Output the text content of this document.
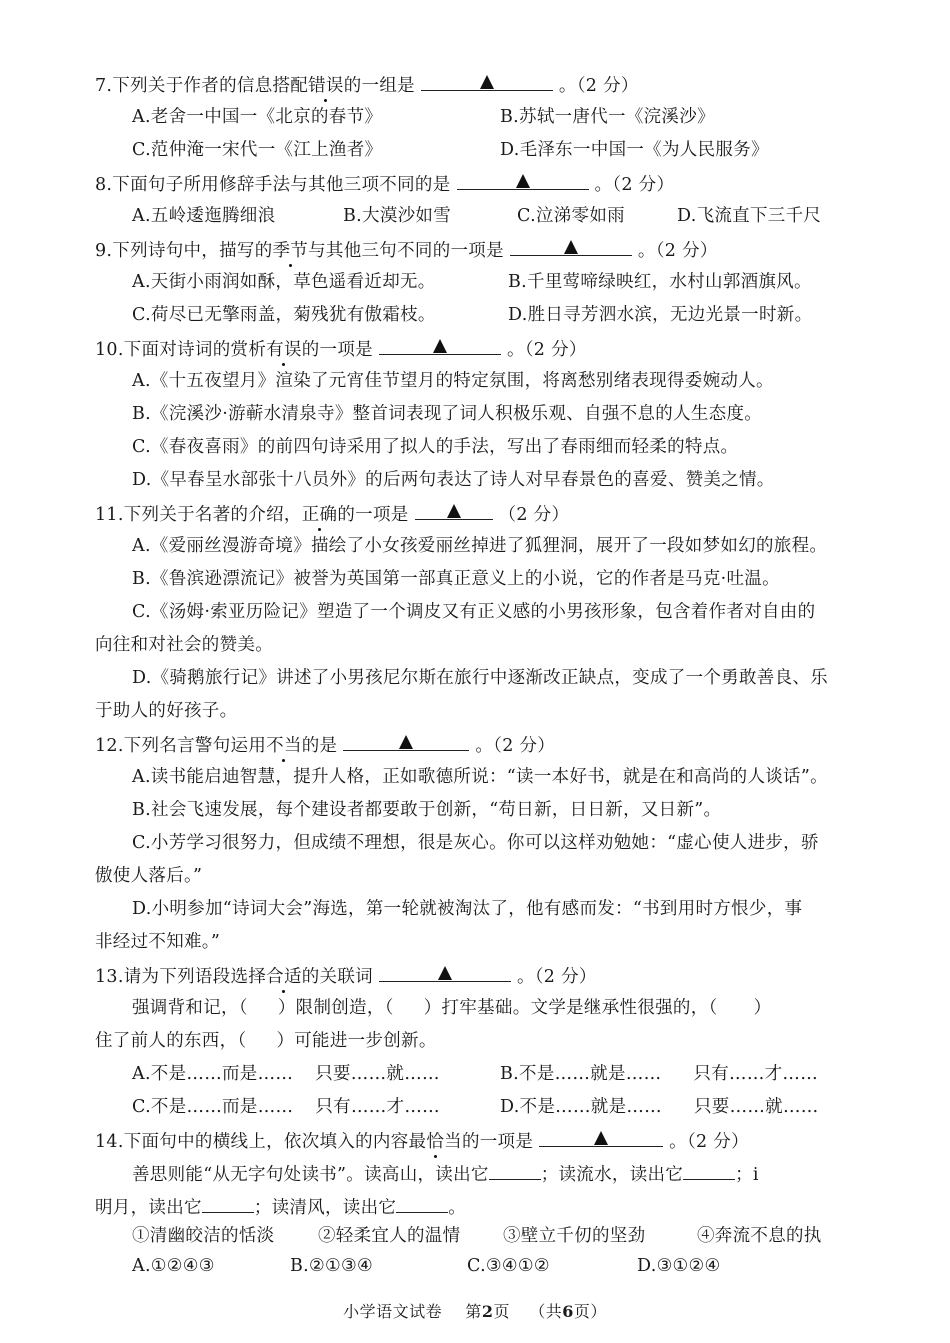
7.下列关于作者的信息搭配错误的一组是	。（2 分）
A.老舍一中国一《北京的春节》	B.苏轼一唐代一《浣溪沙》
C.范仲淹一宋代一《江上渔者》	D.毛泽东一中国一《为人民服务》
8.下面句子所用修辞手法与其他三项不同的是	。（2 分）
A.五岭逶迤腾细浪	B.大漠沙如雪	C.泣涕零如雨	D.飞流直下三千尺
9.下列诗句中，描写的季节与其他三句不同的一项是	。（2 分）
A.天街小雨润如酥，草色遥看近却无。	B.千里莺啼绿映红，水村山郭酒旗风。
C.荷尽已无擎雨盖，菊残犹有傲霜枝。	D.胜日寻芳泗水滨，无边光景一时新。
10.下面对诗词的赏析有误的一项是	。（2 分）
A.《十五夜望月》渲染了元宵佳节望月的特定氛围，将离愁别绪表现得委婉动人。
B.《浣溪沙·游蕲水清泉寺》整首词表现了词人积极乐观、自强不息的人生态度。
C.《春夜喜雨》的前四句诗采用了拟人的手法，写出了春雨细而轻柔的特点。
D.《早春呈水部张十八员外》的后两句表达了诗人对早春景色的喜爱、赞美之情。
11.下列关于名著的介绍，正确的一项是	（2 分）
A.《爱丽丝漫游奇境》描绘了小女孩爱丽丝掉进了狐狸洞，展开了一段如梦如幻的旅程。
B.《鲁滨逊漂流记》被誉为英国第一部真正意义上的小说，它的作者是马克·吐温。
C.《汤姆·索亚历险记》塑造了一个调皮又有正义感的小男孩形象，包含着作者对自由的
向往和对社会的赞美。
D.《骑鹅旅行记》讲述了小男孩尼尔斯在旅行中逐渐改正缺点，变成了一个勇敢善良、乐
于助人的好孩子。
12.下列名言警句运用不当的是	。（2 分）
A.读书能启迪智慧，提升人格，正如歌德所说：“读一本好书，就是在和高尚的人谈话”。
B.社会飞速发展，每个建设者都要敢于创新，“苟日新，日日新，又日新”。
C.小芳学习很努力，但成绩不理想，很是灰心。你可以这样劝勉她：“虚心使人进步，骄
傲使人落后。”
D.小明参加“诗词大会”海选，第一轮就被淘汰了，他有感而发：“书到用时方恨少，事
非经过不知难。”
13.请为下列语段选择合适的关联词	。（2 分）
强调背和记，（ ）限制创造，（ ）打牢基础。文学是继承性很强的，（ ）
住了前人的东西，（ ）可能进一步创新。
A.不是……而是…… 只要……就……	B.不是……就是…… 只有……才……
C.不是……而是…… 只有……才……	D.不是……就是…… 只要……就……
14.下面句中的横线上，依次填入的内容最恰当的一项是	。（2 分）
善思则能“从无字句处读书”。读高山，读出它	；读流水，读出它	；i
明月，读出它	；读清风，读出它	。
①清幽皎洁的恬淡 ②轻柔宜人的温情 ③壁立千仞的坚劲	④奔流不息的执
A.①②④③	B.②①③④	C.③④①②	D.③①②④
小学语文试卷 第2页 （共6页）
